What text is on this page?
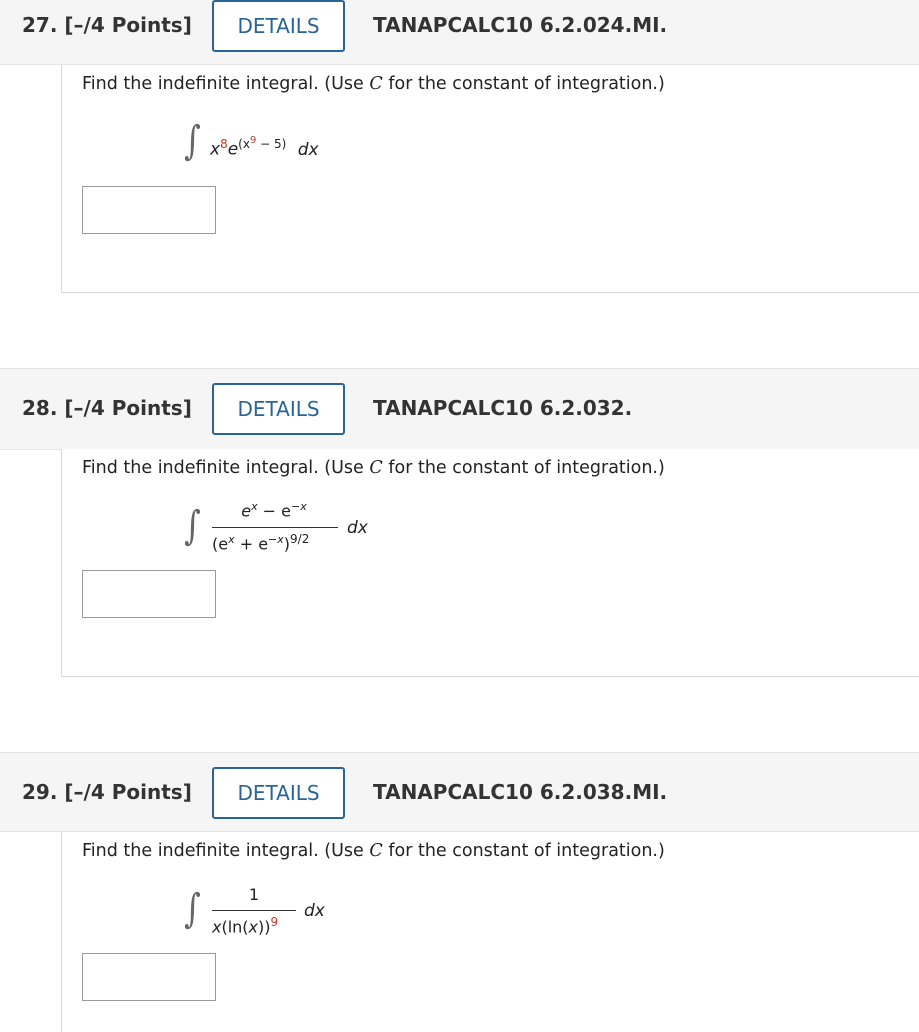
27. [–/4 Points]	DETAILS	TANAPCALC10 6.2.024.MI.
Find the indefinite integral. (Use C for the constant of integration.)
∫ $x^8e^{(x^9 - 5)}$ dx
28. [–/4 Points]	DETAILS	TANAPCALC10 6.2.032.
Find the indefinite integral. (Use C for the constant of integration.)
∫	$e^x - e^{-x}$
$(e^x + e^{-x})^{9/2}$
dx
29. [–/4 Points]	DETAILS	TANAPCALC10 6.2.038.MI.
Find the indefinite integral. (Use C for the constant of integration.)
∫	1
$x(\ln(x))^9$
dx
